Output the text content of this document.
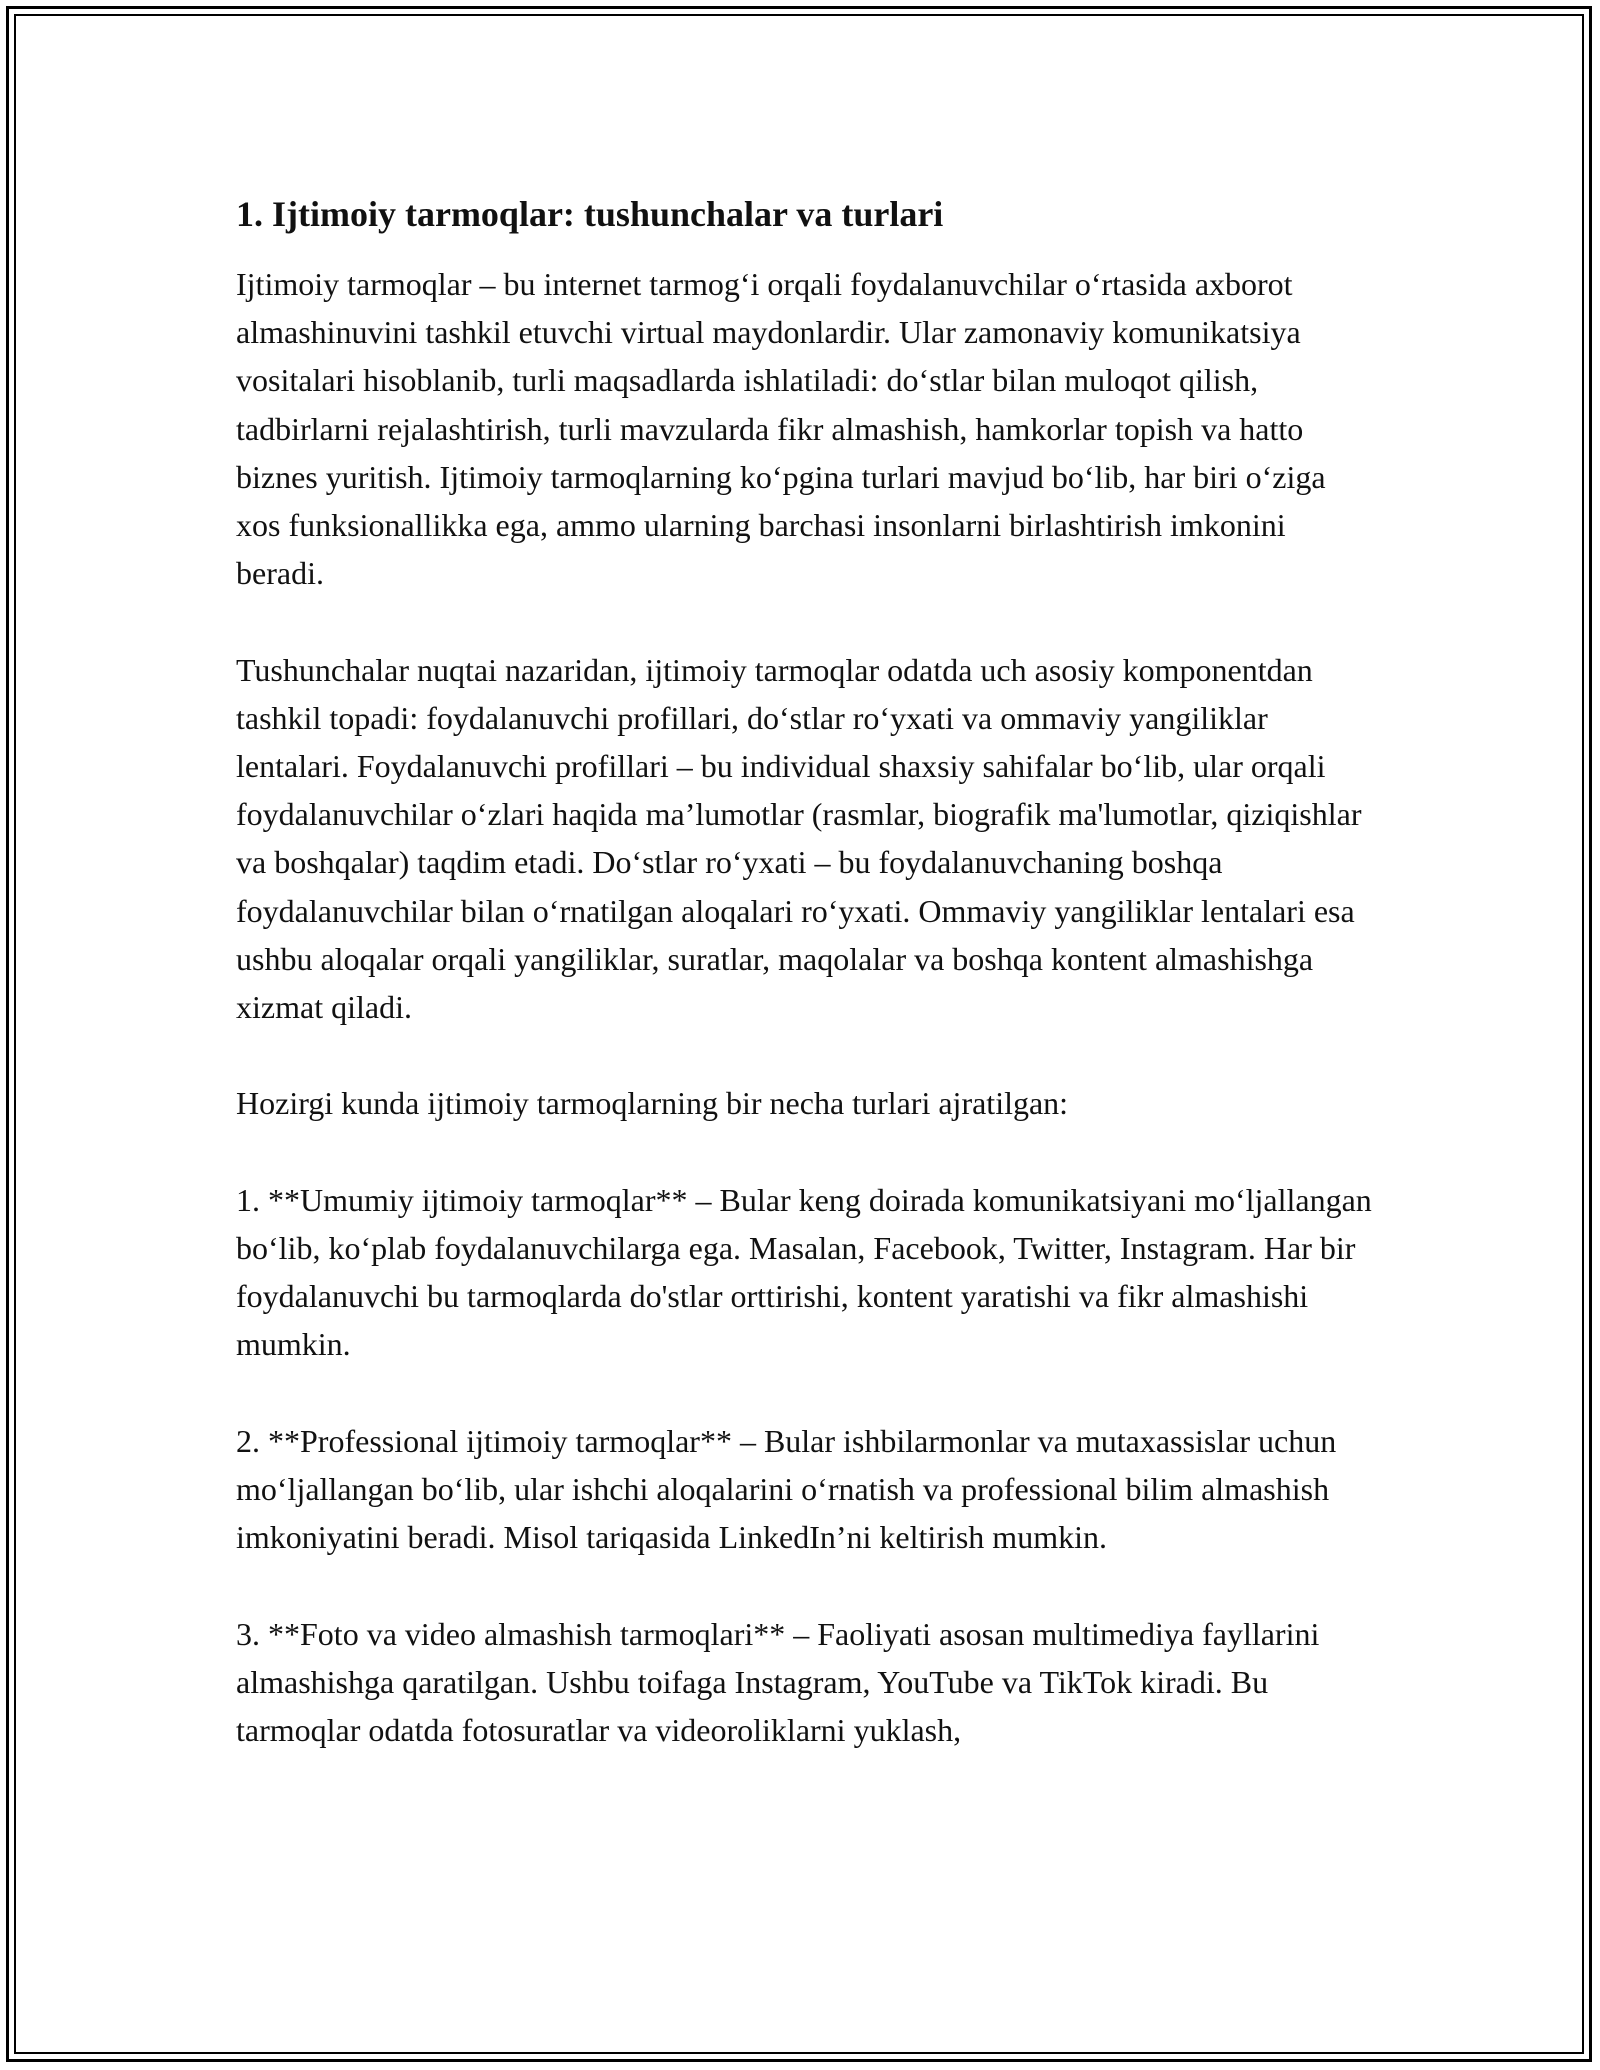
1. Ijtimoiy tarmoqlar: tushunchalar va turlari

Ijtimoiy tarmoqlar – bu internet tarmog‘i orqali foydalanuvchilar o‘rtasida axborot almashinuvini tashkil etuvchi virtual maydonlardir. Ular zamonaviy komunikatsiya vositalari hisoblanib, turli maqsadlarda ishlatiladi: do‘stlar bilan muloqot qilish, tadbirlarni rejalashtirish, turli mavzularda fikr almashish, hamkorlar topish va hatto biznes yuritish. Ijtimoiy tarmoqlarning ko‘pgina turlari mavjud bo‘lib, har biri o‘ziga xos funksionallikka ega, ammo ularning barchasi insonlarni birlashtirish imkonini beradi.

Tushunchalar nuqtai nazaridan, ijtimoiy tarmoqlar odatda uch asosiy komponentdan tashkil topadi: foydalanuvchi profillari, do‘stlar ro‘yxati va ommaviy yangiliklar lentalari. Foydalanuvchi profillari – bu individual shaxsiy sahifalar bo‘lib, ular orqali foydalanuvchilar o‘zlari haqida ma’lumotlar (rasmlar, biografik ma'lumotlar, qiziqishlar va boshqalar) taqdim etadi. Do‘stlar ro‘yxati – bu foydalanuvchaning boshqa foydalanuvchilar bilan o‘rnatilgan aloqalari ro‘yxati. Ommaviy yangiliklar lentalari esa ushbu aloqalar orqali yangiliklar, suratlar, maqolalar va boshqa kontent almashishga xizmat qiladi.

Hozirgi kunda ijtimoiy tarmoqlarning bir necha turlari ajratilgan:

1. **Umumiy ijtimoiy tarmoqlar** – Bular keng doirada komunikatsiyani mo‘ljallangan bo‘lib, ko‘plab foydalanuvchilarga ega. Masalan, Facebook, Twitter, Instagram. Har bir foydalanuvchi bu tarmoqlarda do'stlar orttirishi, kontent yaratishi va fikr almashishi mumkin.

2. **Professional ijtimoiy tarmoqlar** – Bular ishbilarmonlar va mutaxassislar uchun mo‘ljallangan bo‘lib, ular ishchi aloqalarini o‘rnatish va professional bilim almashish imkoniyatini beradi. Misol tariqasida LinkedIn’ni keltirish mumkin.

3. **Foto va video almashish tarmoqlari** – Faoliyati asosan multimediya fayllarini almashishga qaratilgan. Ushbu toifaga Instagram, YouTube va TikTok kiradi. Bu tarmoqlar odatda fotosuratlar va videoroliklarni yuklash,
